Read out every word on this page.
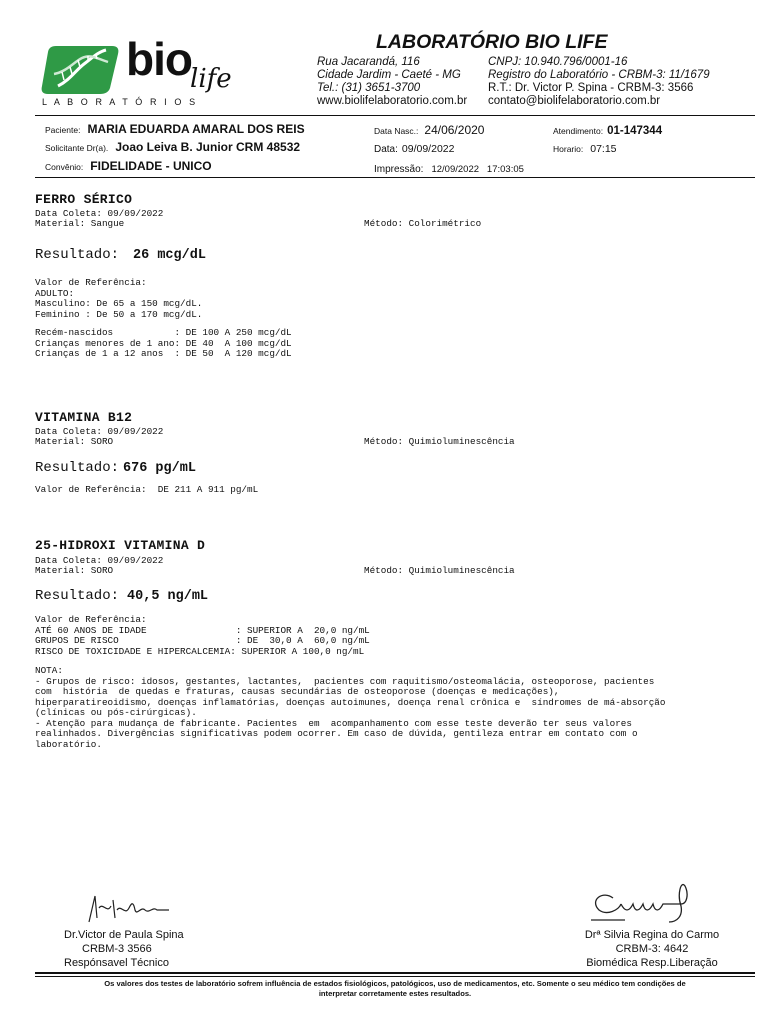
bio
life
L A B O R A T Ó R I O S
LABORATÓRIO BIO LIFE
Rua Jacarandá, 116
Cidade Jardim - Caeté - MG
Tel.: (31) 3651-3700
www.biolifelaboratorio.com.br
CNPJ: 10.940.796/0001-16
Registro do Laboratório - CRBM-3: 11/1679
R.T.: Dr. Victor P. Spina - CRBM-3: 3566
contato@biolifelaboratorio.com.br
Paciente: MARIA EDUARDA AMARAL DOS REIS
Solicitante Dr(a). Joao Leiva B. Junior CRM 48532
Convênio: FIDELIDADE - UNICO
Data Nasc.: 24/06/2020
Data: 09/09/2022
Impressão: 12/09/2022   17:03:05
Atendimento: 01-147344
Horario: 07:15
FERRO SÉRICO
Data Coleta: 09/09/2022
Material: Sangue	Método: Colorimétrico
Resultado: 26 mcg/dL
Valor de Referência:
ADULTO:
Masculino: De 65 a 150 mcg/dL.
Feminino : De 50 a 170 mcg/dL.
Recém-nascidos           : DE 100 A 250 mcg/dL
Crianças menores de 1 ano: DE 40  A 100 mcg/dL
Crianças de 1 a 12 anos  : DE 50  A 120 mcg/dL
VITAMINA B12
Data Coleta: 09/09/2022
Material: SORO	Método: Quimioluminescência
Resultado: 676 pg/mL
Valor de Referência:  DE 211 A 911 pg/mL
25-HIDROXI VITAMINA D
Data Coleta: 09/09/2022
Material: SORO	Método: Quimioluminescência
Resultado: 40,5 ng/mL
Valor de Referência:
ATÉ 60 ANOS DE IDADE                : SUPERIOR A  20,0 ng/mL
GRUPOS DE RISCO                     : DE  30,0 A  60,0 ng/mL
RISCO DE TOXICIDADE E HIPERCALCEMIA: SUPERIOR A 100,0 ng/mL
NOTA:
- Grupos de risco: idosos, gestantes, lactantes,  pacientes com raquitismo/osteomalácia, osteoporose, pacientes
com  história  de quedas e fraturas, causas secundárias de osteoporose (doenças e medicações),
hiperparatireoidismo, doenças inflamatórias, doenças autoimunes, doença renal crônica e  síndromes de má-absorção
(clínicas ou pós-cirúrgicas).
- Atenção para mudança de fabricante. Pacientes  em  acompanhamento com esse teste deverão ter seus valores
realinhados. Divergências significativas podem ocorrer. Em caso de dúvida, gentileza entrar em contato com o
laboratório.
Dr.Victor de Paula Spina
CRBM-3 3566
Respónsavel Técnico
Drª Silvia Regina do Carmo
CRBM-3: 4642
Biomédica Resp.Liberação
Os valores dos testes de laboratório sofrem influência de estados fisiológicos, patológicos, uso de medicamentos, etc. Somente o seu médico tem condições de
interpretar corretamente estes resultados.
